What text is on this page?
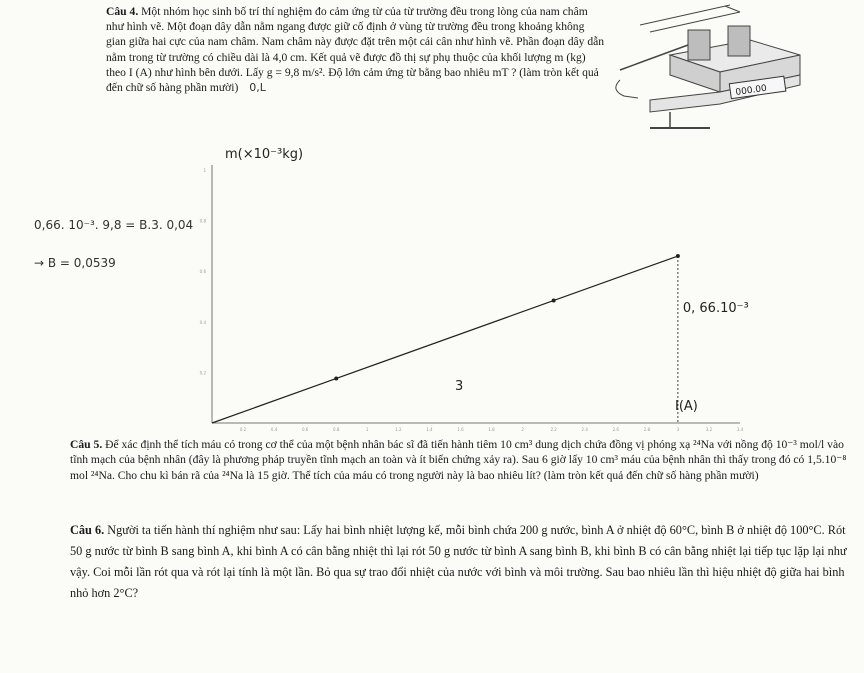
Câu 4. Một nhóm học sinh bố trí thí nghiệm đo cảm ứng từ của từ trường đều trong lòng của nam châm như hình vẽ. Một đoạn dây dẫn nằm ngang được giữ cố định ở vùng từ trường đều trong khoảng không gian giữa hai cực của nam châm. Nam châm này được đặt trên một cái cân như hình vẽ. Phần đoạn dây dẫn nằm trong từ trường có chiều dài là 4,0 cm. Kết quả vẽ được đồ thị sự phụ thuộc của khối lượng m (kg) theo I (A) như hình bên dưới. Lấy g = 9,8 m/s². Độ lớn cảm ứng từ bằng bao nhiêu mT ? (làm tròn kết quả đến chữ số hàng phần mười) 0,L	000.00
0,66. 10⁻³. 9,8 = B.3. 0,04
→ B = 0,0539
0.2
0.4
0.6
0.8
1
0.2	0.4	0.6	0.8	1	1.2	1.4	1.6	1.8	2	2.2	2.4	2.6	2.8	3	3.2	3.4
m(×10⁻³kg)
0, 66.10⁻³
3
I(A)
Câu 5. Để xác định thể tích máu có trong cơ thể của một bệnh nhân bác sĩ đã tiến hành tiêm 10 cm³ dung dịch chứa đồng vị phóng xạ ²⁴Na với nồng độ 10⁻³ mol/l vào tĩnh mạch của bệnh nhân (đây là phương pháp truyền tĩnh mạch an toàn và ít biến chứng xảy ra). Sau 6 giờ lấy 10 cm³ máu của bệnh nhân thì thấy trong đó có 1,5.10⁻⁸ mol ²⁴Na. Cho chu kì bán rã của ²⁴Na là 15 giờ. Thể tích của máu có trong người này là bao nhiêu lít? (làm tròn kết quả đến chữ số hàng phần mười)
Câu 6. Người ta tiến hành thí nghiệm như sau: Lấy hai bình nhiệt lượng kế, mỗi bình chứa 200 g nước, bình A ở nhiệt độ 60°C, bình B ở nhiệt độ 100°C. Rót 50 g nước từ bình B sang bình A, khi bình A có cân bằng nhiệt thì lại rót 50 g nước từ bình A sang bình B, khi bình B có cân bằng nhiệt lại tiếp tục lặp lại như vậy. Coi mỗi lần rót qua và rót lại tính là một lần. Bỏ qua sự trao đổi nhiệt của nước với bình và môi trường. Sau bao nhiêu lần thì hiệu nhiệt độ giữa hai bình nhỏ hơn 2°C?
